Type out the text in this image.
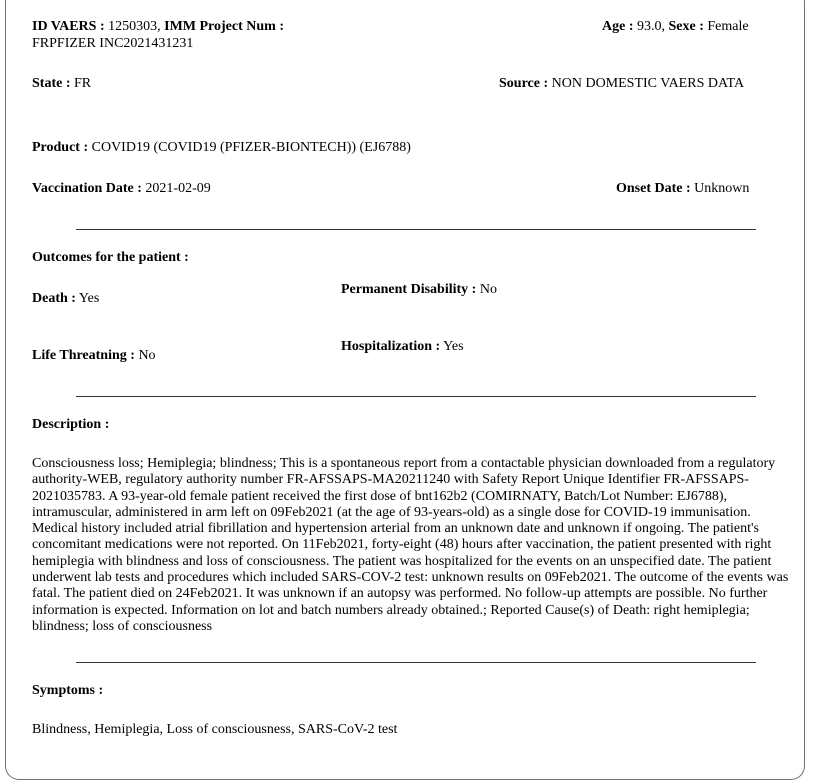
ID VAERS : 1250303, IMM Project Num :
FRPFIZER INC2021431231
Age : 93.0, Sexe : Female
State : FR	Source : NON DOMESTIC VAERS DATA
Product : COVID19 (COVID19 (PFIZER-BIONTECH)) (EJ6788)
Vaccination Date : 2021-02-09	Onset Date : Unknown
Outcomes for the patient :
Death : Yes
Permanent Disability : No
Life Threatning : No
Hospitalization : Yes
Description :
Consciousness loss; Hemiplegia; blindness; This is a spontaneous report from a contactable physician downloaded from a regulatory authority-WEB, regulatory authority number FR-AFSSAPS-MA20211240 with Safety Report Unique Identifier FR-AFSSAPS-2021035783. A 93-year-old female patient received the first dose of bnt162b2 (COMIRNATY, Batch/Lot Number: EJ6788), intramuscular, administered in arm left on 09Feb2021 (at the age of 93-years-old) as a single dose for COVID-19 immunisation. Medical history included atrial fibrillation and hypertension arterial from an unknown date and unknown if ongoing. The patient's concomitant medications were not reported. On 11Feb2021, forty-eight (48) hours after vaccination, the patient presented with right hemiplegia with blindness and loss of consciousness. The patient was hospitalized for the events on an unspecified date. The patient underwent lab tests and procedures which included SARS-COV-2 test: unknown results on 09Feb2021. The outcome of the events was fatal. The patient died on 24Feb2021. It was unknown if an autopsy was performed. No follow-up attempts are possible. No further information is expected. Information on lot and batch numbers already obtained.; Reported Cause(s) of Death: right hemiplegia; blindness; loss of consciousness
Symptoms :
Blindness, Hemiplegia, Loss of consciousness, SARS-CoV-2 test
